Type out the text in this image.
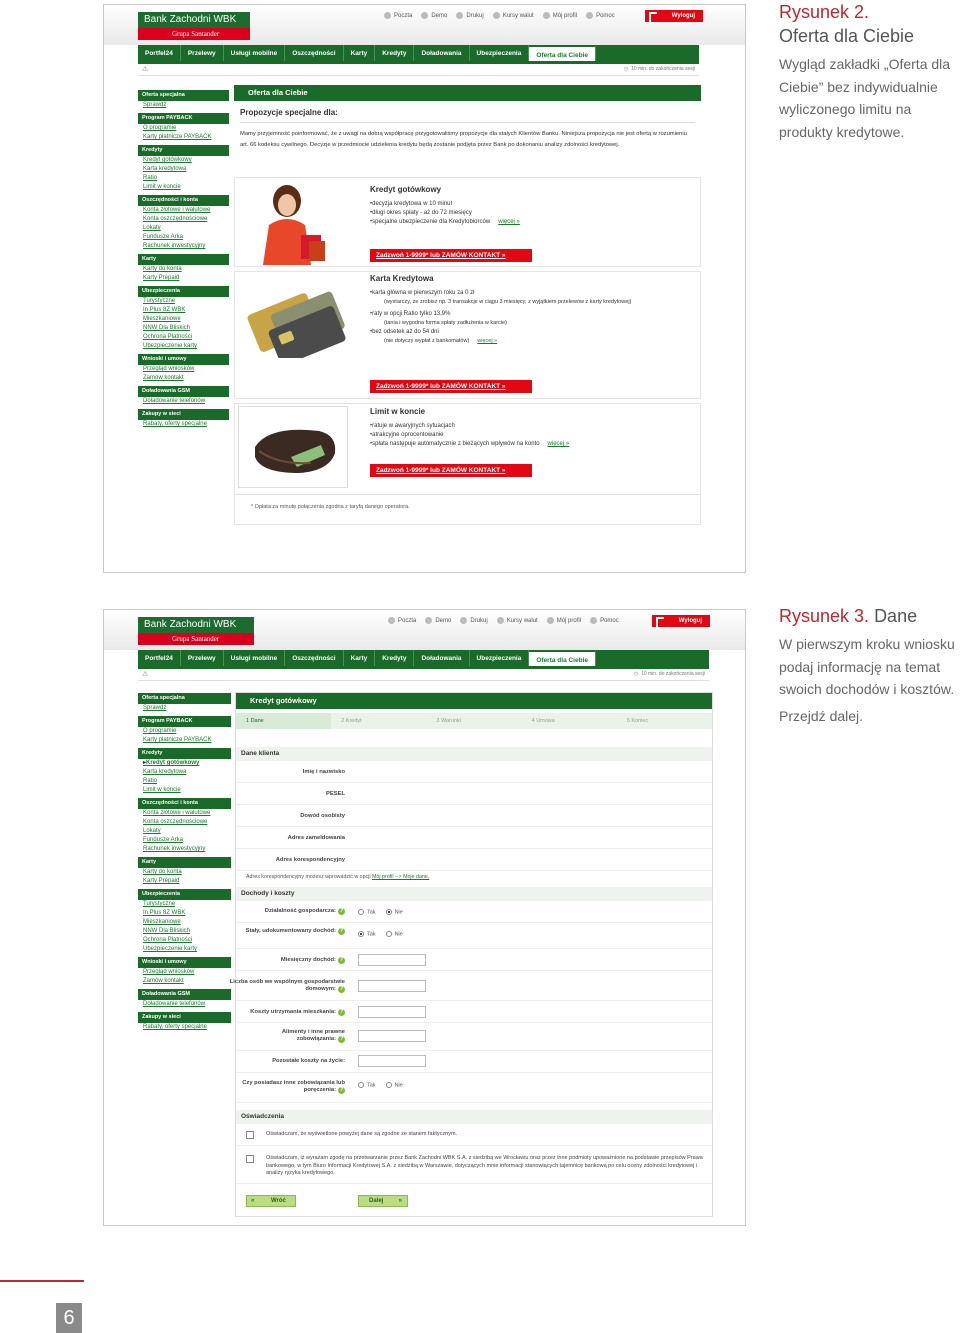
Bank Zachodni WBK
Grupa Santander
Poczta	Demo	Drukuj	Kursy walut	Mój profil	Pomoc	Wyloguj
Portfel24	Przelewy	Usługi mobilne	Oszczędności	Karty	Kredyty	Doładowania	Ubezpieczenia	Oferta dla Ciebie
⚠	◷ 10 min. do zakończenia sesji
Oferta specjalna
Sprawdź
Program PAYBACK
O programie
Karty płatnicze PAYBACK
Kredyty
Kredyt gotówkowy
Karta kredytowa
Ratio
Limit w koncie
Oszczędności i konta
Konta złotowe i walutowe
Konta oszczędnościowe
Lokaty
Fundusze Arka
Rachunek inwestycyjny
Karty
Karty do konta
Karty Prepaid
Ubezpieczenia
Turystyczne
In Plus 8Z WBK
Mieszkaniowe
NNW Dla Bliskich
Ochrona Płatności
Ubezpieczenie karty
Wnioski i umowy
Przegląd wniosków
Zamów kontakt
Doładowania GSM
Doładowanie telefonów
Zakupy w sieci
Rabaty, oferty specjalne
Oferta dla Ciebie
Propozycje specjalne dla:
Mamy przyjemność poinformować, że z uwagi na dobrą współpracę przygotowaliśmy propozycje dla stałych Klientów Banku. Niniejsza propozycja nie jest ofertą w rozumieniu art. 66 kodeksu cywilnego. Decyzje w przedmiocie udzielenia kredytu będą zostanie podjęta przez Bank po dokonaniu analizy zdolności kredytowej.
Kredyt gotówkowy
• decyzja kredytowa w 10 minut
• długi okres spłaty - aż do 72 miesięcy
• specjalne ubezpieczenie dla Kredytobiorców więcej »
Zadzwoń 1-9999* lub ZAMÓW KONTAKT »
Karta Kredytowa
• karta główna w pierwszym roku za 0 zł
(wystarczy, że zrobisz np. 3 transakcje w ciągu 3 miesięcy, z wyjątkiem przelewów z karty kredytowej)
• raty w opcji Ratio tylko 13,9%
(tania i wygodna forma spłaty zadłużenia w karcie)
• bez odsetek aż do 54 dni
(nie dotyczy wypłat z bankomatów) więcej »
Zadzwoń 1-9999* lub ZAMÓW KONTAKT »
Limit w koncie
• ratuje w awaryjnych sytuacjach
• atrakcyjne oprocentowanie
• spłata następuje automatycznie z bieżących wpływów na konto więcej »
Zadzwoń 1-9999* lub ZAMÓW KONTAKT »
* Opłata za minutę połączenia zgodna z taryfą danego operatora.
Bank Zachodni WBK
Grupa Santander
Poczta	Demo	Drukuj	Kursy walut	Mój profil	Pomoc	Wyloguj
Portfel24	Przelewy	Usługi mobilne	Oszczędności	Karty	Kredyty	Doładowania	Ubezpieczenia	Oferta dla Ciebie
⚠	◷ 10 min. do zakończenia sesji
Oferta specjalna
Sprawdź
Program PAYBACK
O programie
Karty płatnicze PAYBACK
Kredyty
▸ Kredyt gotówkowy
Karta kredytowa
Ratio
Limit w koncie
Oszczędności i konta
Konta złotowe i walutowe
Konta oszczędnościowe
Lokaty
Fundusze Arka
Rachunek inwestycyjny
Karty
Karty do konta
Karty Prepaid
Ubezpieczenia
Turystyczne
In Plus 8Z WBK
Mieszkaniowe
NNW Dla Bliskich
Ochrona Płatności
Ubezpieczenie karty
Wnioski i umowy
Przegląd wniosków
Zamów kontakt
Doładowania GSM
Doładowanie telefonów
Zakupy w sieci
Rabaty, oferty specjalne
Kredyt gotówkowy
1 Dane	2 Kredyt	3 Warunki	4 Umowa	5 Koniec
Dane klienta
Imię i nazwisko
PESEL
Dowód osobisty
Adres zameldowania
Adres korespondencyjny
Adres korespondencyjny możesz wprowadzić w opcji Mój profil --> Moje dane.
Dochody i koszty
Działalność gospodarcza: ?	Tak	Nie
Stały, udokumentowany dochód: ?
Tak	Nie
Miesięczny dochód: ?
Liczba osób we wspólnym gospodarstwie domowym: ?
Koszty utrzymania mieszkania: ?
Alimenty i inne prawne zobowiązania: ?
Pozostałe koszty na życie:
Czy posiadasz inne zobowiązania lub poręczenia: ?
Tak	Nie
Oświadczenia
Oświadczam, że wyświetlone powyżej dane są zgodne ze stanem faktycznym.
Oświadczam, iż wyrażam zgodę na przetwarzanie przez Bank Zachodni WBK S.A. z siedzibą we Wrocławiu oraz przez inne podmioty upoważnione na podstawie przepisów Prawa bankowego, w tym Biuro Informacji Kredytowej S.A. z siedzibą w Warszawie, dotyczących mnie informacji stanowiących tajemnicę bankową po celu oceny zdolności kredytowej i analizy ryzyka kredytowego.
«	Wróć	Dalej	»
Rysunek 2.
Oferta dla Ciebie

Wygląd zakładki „Oferta dla Ciebie” bez indywidualnie wyliczonego limitu na produkty kredytowe.

Rysunek 3. Dane

W pierwszym kroku wniosku podaj informację na temat swoich dochodów i kosztów.

Przejdź dalej.

6
